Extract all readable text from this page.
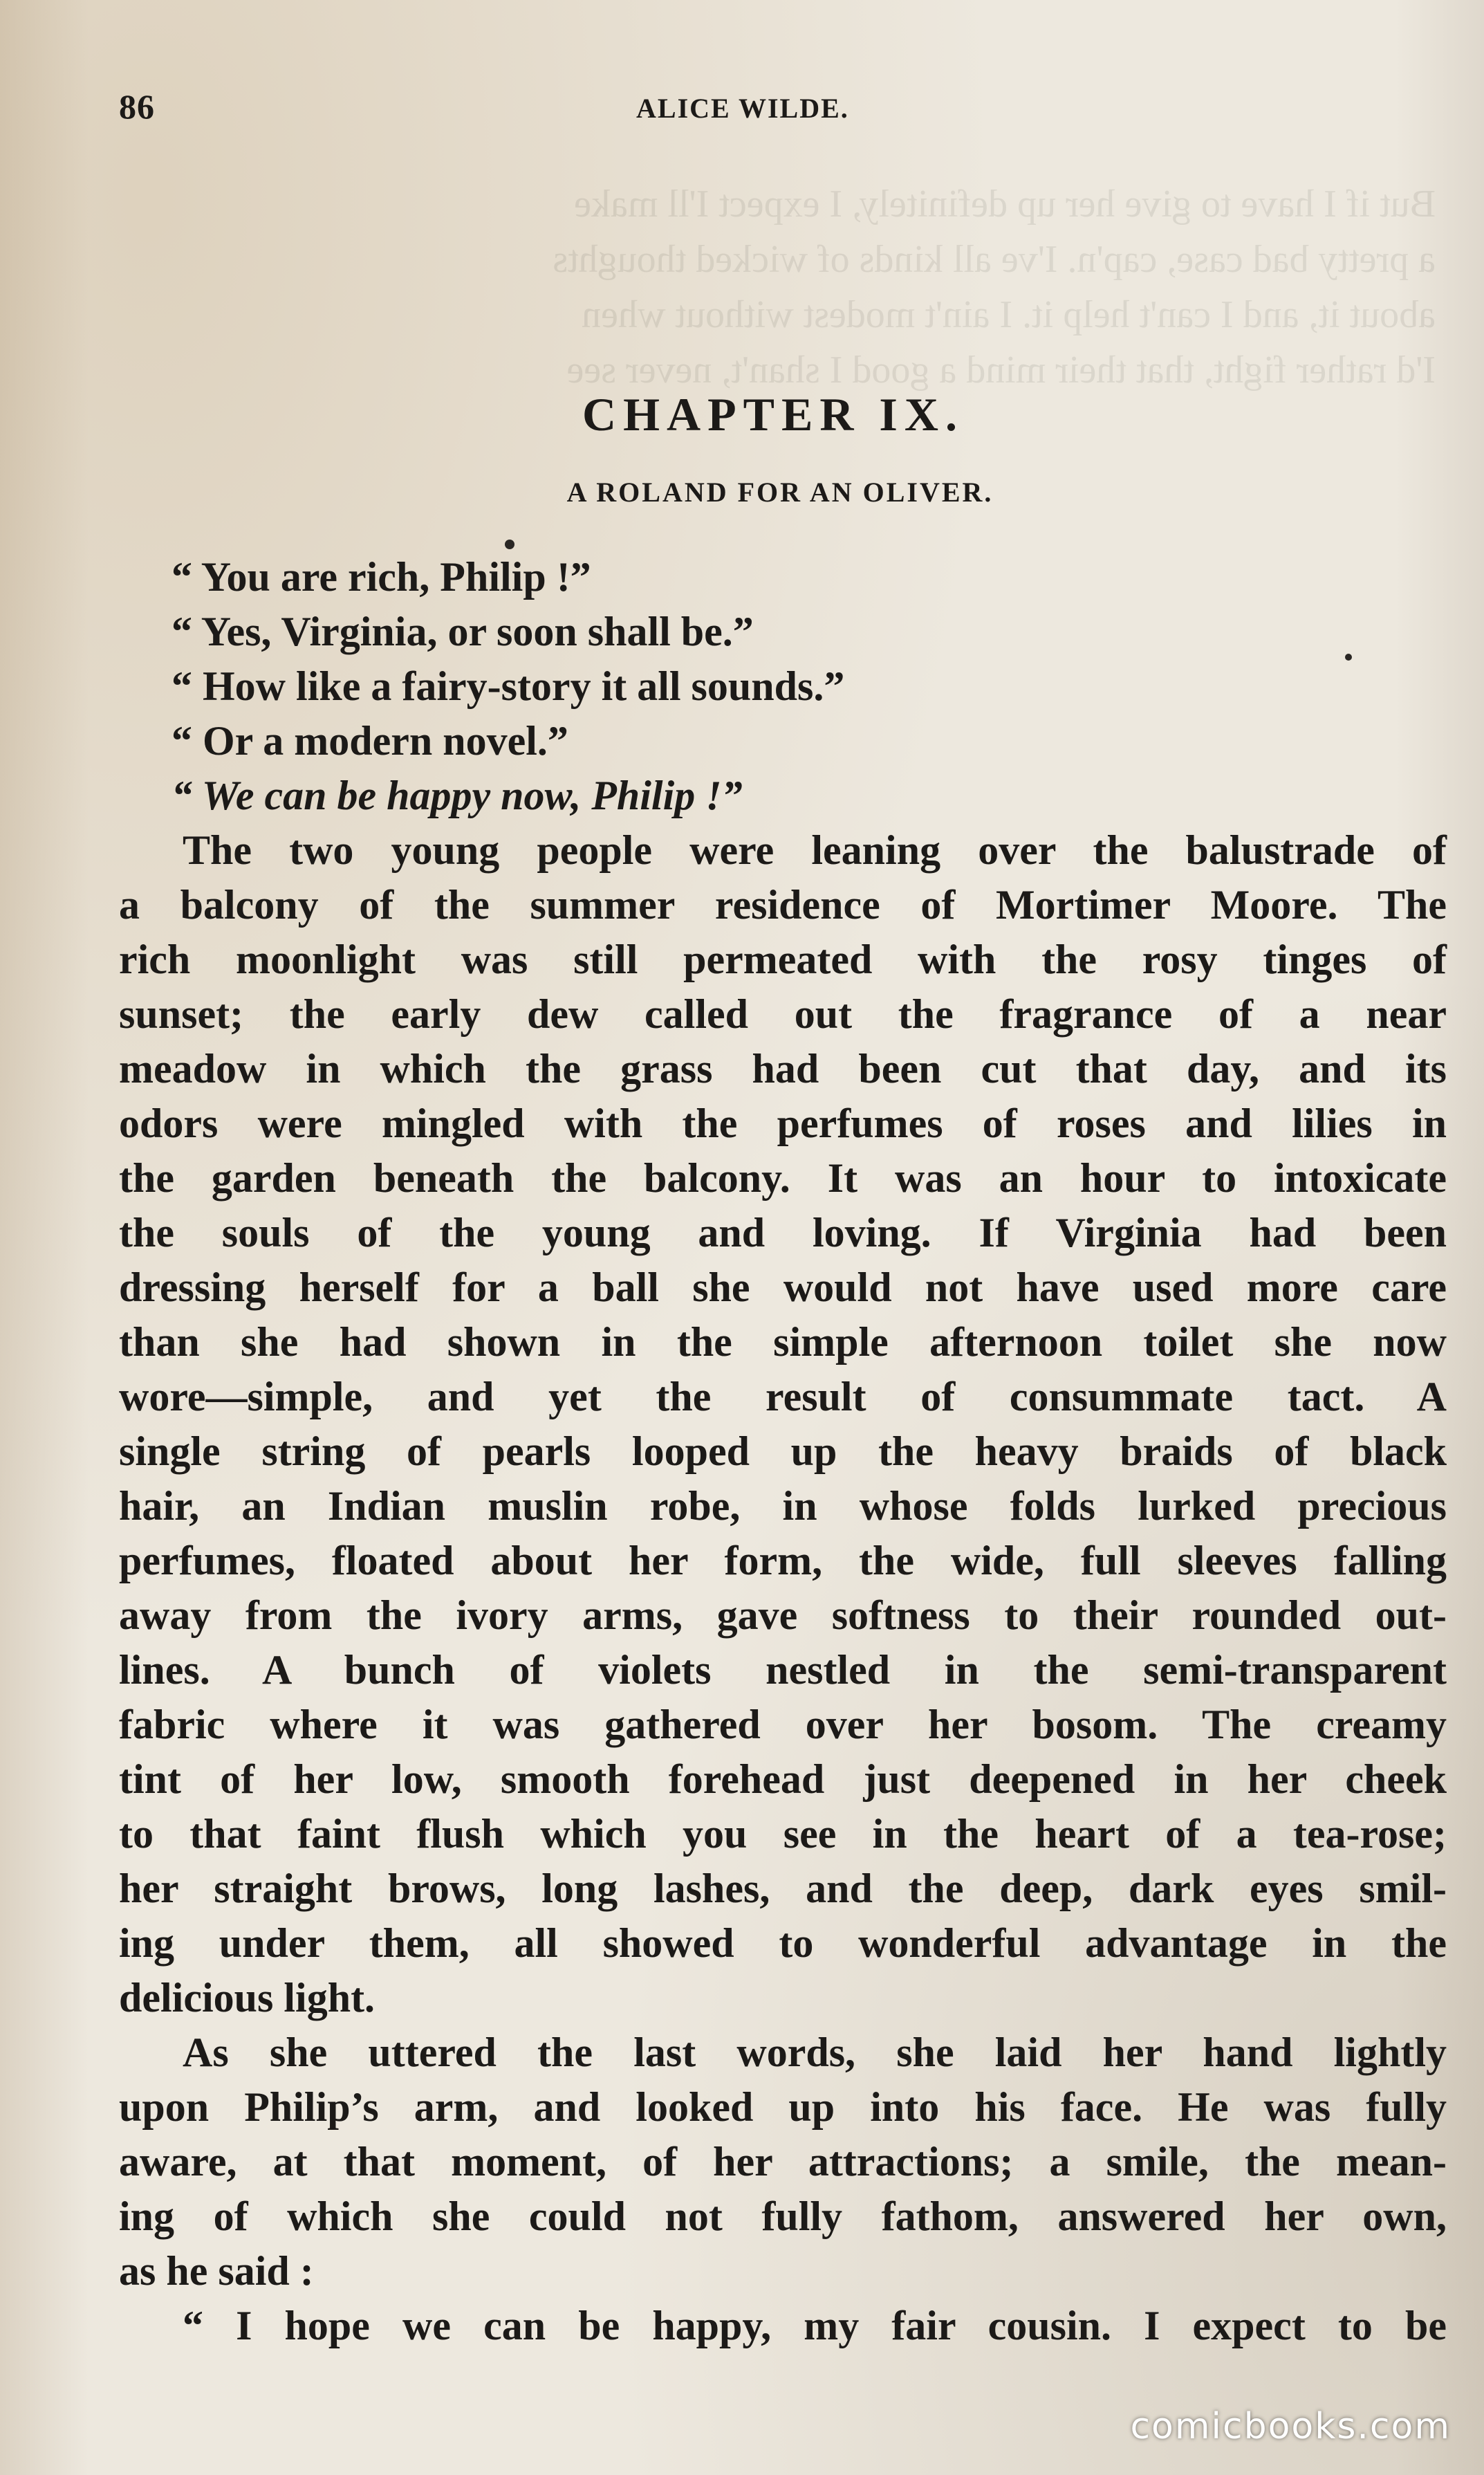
But if I have to give her up definitely, I expect I'll make
a pretty bad case, cap'n. I've all kinds of wicked thoughts
about it, and I can't help it. I ain't modest without when
I'd rather fight, that their mind a good I shan't, never see
86	ALICE WILDE.
CHAPTER IX.
A ROLAND FOR AN OLIVER.
“ You are rich, Philip !”
“ Yes, Virginia, or soon shall be.”
“ How like a fairy-story it all sounds.”
“ Or a modern novel.”
“ We can be happy now, Philip !”
The two young people were leaning over the balustrade of
a balcony of the summer residence of Mortimer Moore. The
rich moonlight was still permeated with the rosy tinges of
sunset; the early dew called out the fragrance of a near
meadow in which the grass had been cut that day, and its
odors were mingled with the perfumes of roses and lilies in
the garden beneath the balcony. It was an hour to intoxicate
the souls of the young and loving. If Virginia had been
dressing herself for a ball she would not have used more care
than she had shown in the simple afternoon toilet she now
wore—simple, and yet the result of consummate tact. A
single string of pearls looped up the heavy braids of black
hair, an Indian muslin robe, in whose folds lurked precious
perfumes, floated about her form, the wide, full sleeves falling
away from the ivory arms, gave softness to their rounded out-
lines. A bunch of violets nestled in the semi-transparent
fabric where it was gathered over her bosom. The creamy
tint of her low, smooth forehead just deepened in her cheek
to that faint flush which you see in the heart of a tea-rose;
her straight brows, long lashes, and the deep, dark eyes smil-
ing under them, all showed to wonderful advantage in the
delicious light.
As she uttered the last words, she laid her hand lightly
upon Philip’s arm, and looked up into his face. He was fully
aware, at that moment, of her attractions; a smile, the mean-
ing of which she could not fully fathom, answered her own,
as he said :
“ I hope we can be happy, my fair cousin. I expect to be
comicbooks.com
